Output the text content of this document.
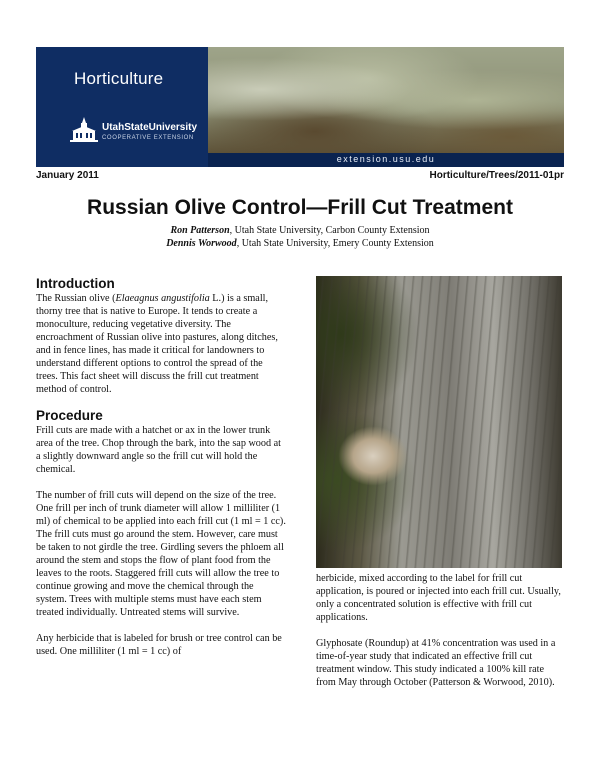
Horticulture
UtahStateUniversity
COOPERATIVE EXTENSION
extension.usu.edu
January 2011	Horticulture/Trees/2011-01pr
Russian Olive Control—Frill Cut Treatment
Ron Patterson, Utah State University, Carbon County Extension
Dennis Worwood, Utah State University, Emery County Extension
Introduction

The Russian olive (Elaeagnus angustifolia L.) is a small, thorny tree that is native to Europe. It tends to create a monoculture, reducing vegetative diversity. The encroachment of Russian olive into pastures, along ditches, and in fence lines, has made it critical for landowners to understand different options to control the spread of the trees. This fact sheet will discuss the frill cut treatment method of control.

Procedure

Frill cuts are made with a hatchet or ax in the lower trunk area of the tree. Chop through the bark, into the sap wood at a slightly downward angle so the frill cut will hold the chemical.

The number of frill cuts will depend on the size of the tree. One frill per inch of trunk diameter will allow 1 milliliter (1 ml) of chemical to be applied into each frill cut (1 ml = 1 cc). The frill cuts must go around the stem. However, care must be taken to not girdle the tree. Girdling severs the phloem all around the stem and stops the flow of plant food from the leaves to the roots. Staggered frill cuts will allow the tree to continue growing and move the chemical through the system. Trees with multiple stems must have each stem treated individually. Untreated stems will survive.

Any herbicide that is labeled for brush or tree control can be used. One milliliter (1 ml = 1 cc) of

herbicide, mixed according to the label for frill cut application, is poured or injected into each frill cut. Usually, only a concentrated solution is effective with frill cut applications.

Glyphosate (Roundup) at 41% concentration was used in a time-of-year study that indicated an effective frill cut treatment window. This study indicated a 100% kill rate from May through October (Patterson & Worwood, 2010).
